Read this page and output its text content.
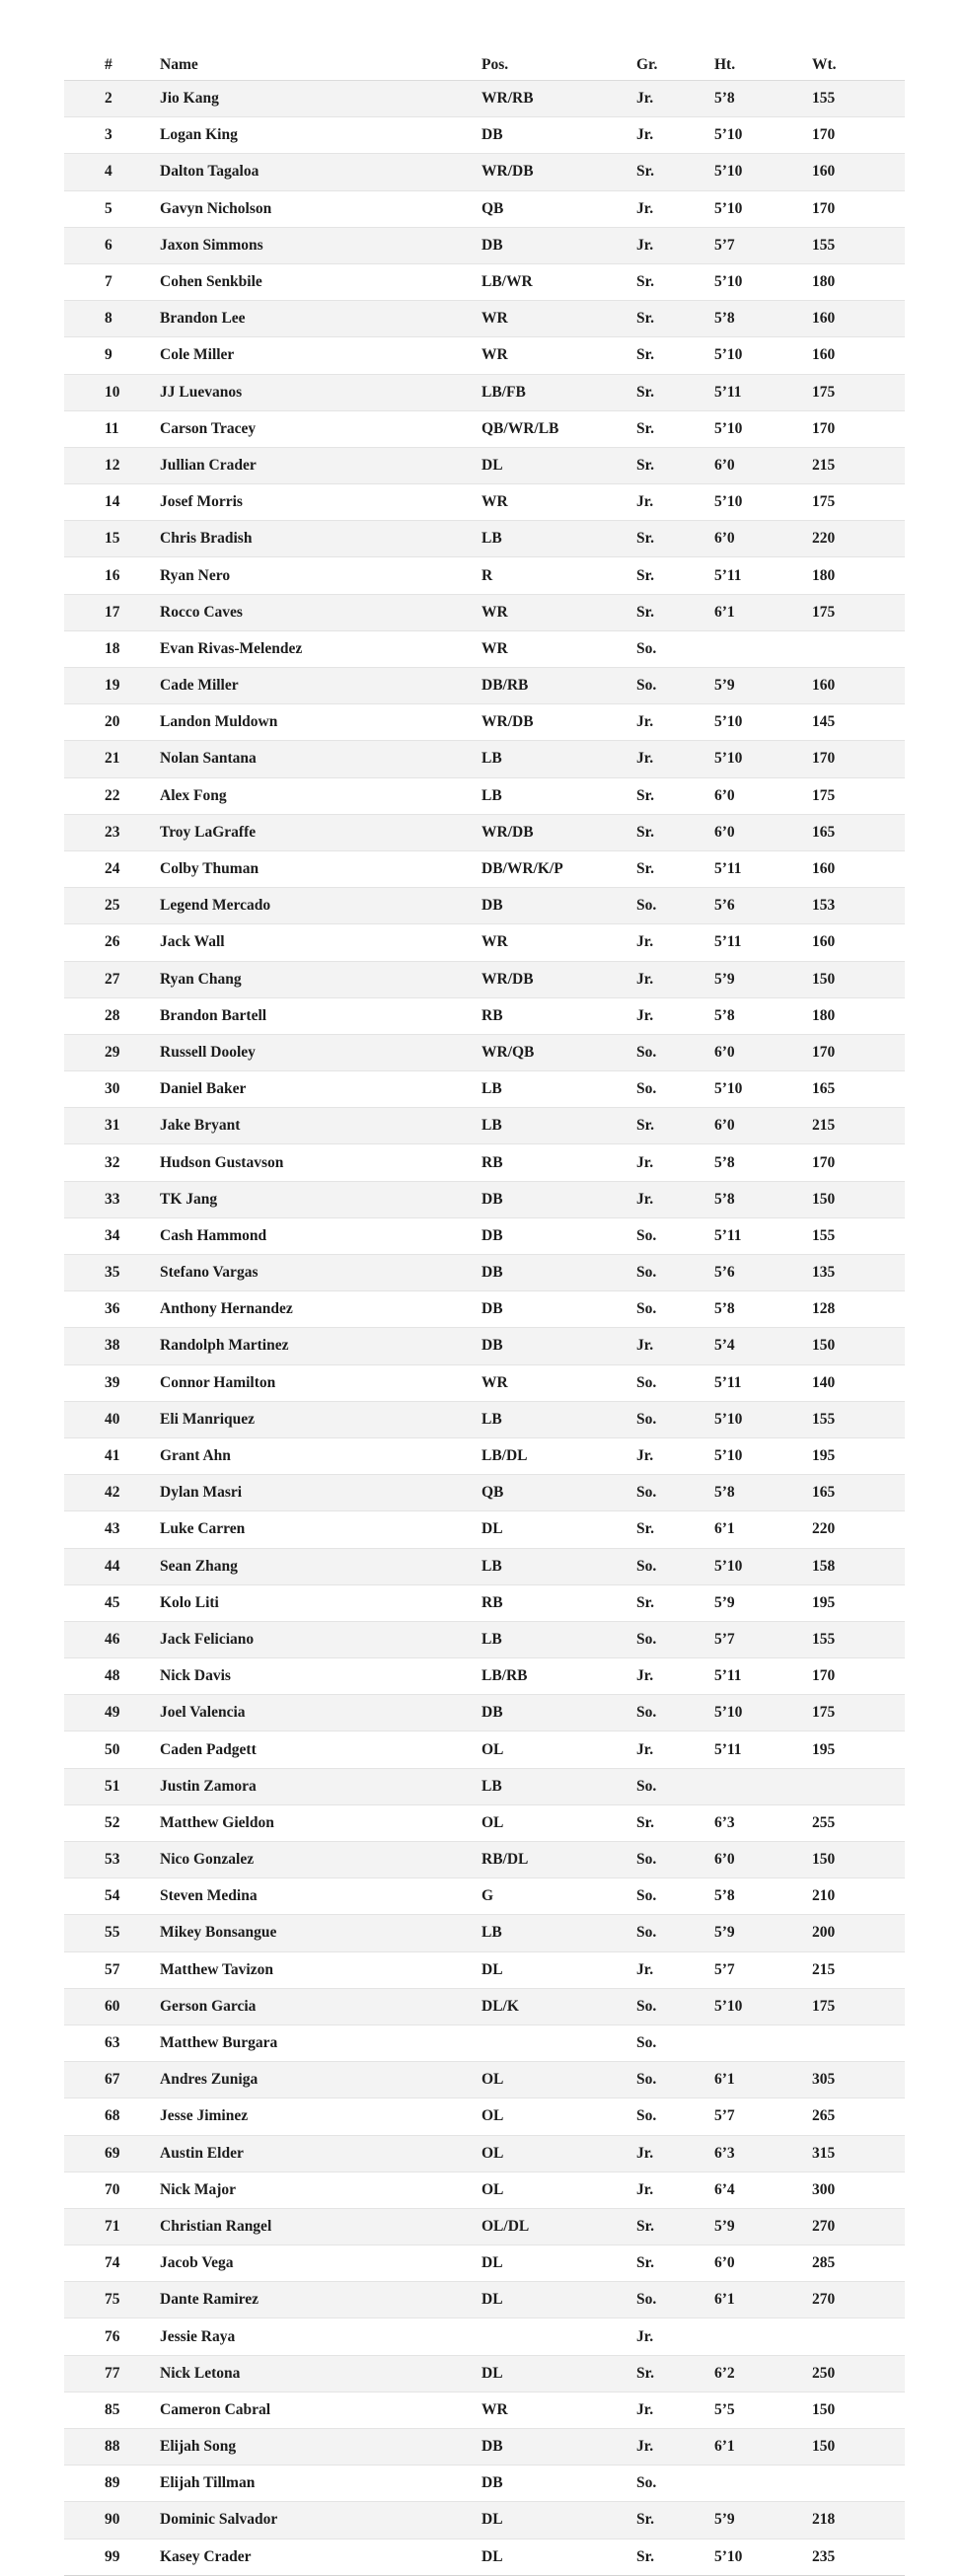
#	Name	Pos.	Gr.	Ht.	Wt.
2	Jio Kang	WR/RB	Jr.	5’8	155
3	Logan King	DB	Jr.	5’10	170
4	Dalton Tagaloa	WR/DB	Sr.	5’10	160
5	Gavyn Nicholson	QB	Jr.	5’10	170
6	Jaxon Simmons	DB	Jr.	5’7	155
7	Cohen Senkbile	LB/WR	Sr.	5’10	180
8	Brandon Lee	WR	Sr.	5’8	160
9	Cole Miller	WR	Sr.	5’10	160
10	JJ Luevanos	LB/FB	Sr.	5’11	175
11	Carson Tracey	QB/WR/LB	Sr.	5’10	170
12	Jullian Crader	DL	Sr.	6’0	215
14	Josef Morris	WR	Jr.	5’10	175
15	Chris Bradish	LB	Sr.	6’0	220
16	Ryan Nero	R	Sr.	5’11	180
17	Rocco Caves	WR	Sr.	6’1	175
18	Evan Rivas-Melendez	WR	So.		
19	Cade Miller	DB/RB	So.	5’9	160
20	Landon Muldown	WR/DB	Jr.	5’10	145
21	Nolan Santana	LB	Jr.	5’10	170
22	Alex Fong	LB	Sr.	6’0	175
23	Troy LaGraffe	WR/DB	Sr.	6’0	165
24	Colby Thuman	DB/WR/K/P	Sr.	5’11	160
25	Legend Mercado	DB	So.	5’6	153
26	Jack Wall	WR	Jr.	5’11	160
27	Ryan Chang	WR/DB	Jr.	5’9	150
28	Brandon Bartell	RB	Jr.	5’8	180
29	Russell Dooley	WR/QB	So.	6’0	170
30	Daniel Baker	LB	So.	5’10	165
31	Jake Bryant	LB	Sr.	6’0	215
32	Hudson Gustavson	RB	Jr.	5’8	170
33	TK Jang	DB	Jr.	5’8	150
34	Cash Hammond	DB	So.	5’11	155
35	Stefano Vargas	DB	So.	5’6	135
36	Anthony Hernandez	DB	So.	5’8	128
38	Randolph Martinez	DB	Jr.	5’4	150
39	Connor Hamilton	WR	So.	5’11	140
40	Eli Manriquez	LB	So.	5’10	155
41	Grant Ahn	LB/DL	Jr.	5’10	195
42	Dylan Masri	QB	So.	5’8	165
43	Luke Carren	DL	Sr.	6’1	220
44	Sean Zhang	LB	So.	5’10	158
45	Kolo Liti	RB	Sr.	5’9	195
46	Jack Feliciano	LB	So.	5’7	155
48	Nick Davis	LB/RB	Jr.	5’11	170
49	Joel Valencia	DB	So.	5’10	175
50	Caden Padgett	OL	Jr.	5’11	195
51	Justin Zamora	LB	So.		
52	Matthew Gieldon	OL	Sr.	6’3	255
53	Nico Gonzalez	RB/DL	So.	6’0	150
54	Steven Medina	G	So.	5’8	210
55	Mikey Bonsangue	LB	So.	5’9	200
57	Matthew Tavizon	DL	Jr.	5’7	215
60	Gerson Garcia	DL/K	So.	5’10	175
63	Matthew Burgara		So.		
67	Andres Zuniga	OL	So.	6’1	305
68	Jesse Jiminez	OL	So.	5’7	265
69	Austin Elder	OL	Jr.	6’3	315
70	Nick Major	OL	Jr.	6’4	300
71	Christian Rangel	OL/DL	Sr.	5’9	270
74	Jacob Vega	DL	Sr.	6’0	285
75	Dante Ramirez	DL	So.	6’1	270
76	Jessie Raya		Jr.		
77	Nick Letona	DL	Sr.	6’2	250
85	Cameron Cabral	WR	Jr.	5’5	150
88	Elijah Song	DB	Jr.	6’1	150
89	Elijah Tillman	DB	So.		
90	Dominic Salvador	DL	Sr.	5’9	218
99	Kasey Crader	DL	Sr.	5’10	235
